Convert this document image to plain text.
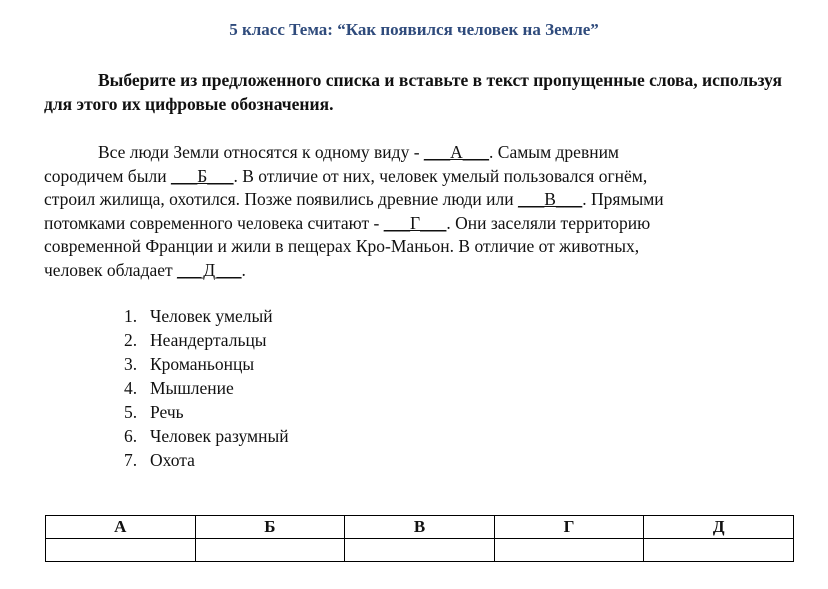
5 класс Тема: “Как появился человек на Земле”
Выберите из предложенного списка и вставьте в текст пропущенные слова, используя для этого их цифровые обозначения.
Все люди Земли относятся к одному виду - ___А___. Самым древним
сородичем были ___Б___. В отличие от них, человек умелый пользовался огнём,
строил жилища, охотился. Позже появились древние люди или ___В___. Прямыми
потомками современного человека считают - ___Г___. Они заселяли территорию
современной Франции и жили в пещерах Кро-Маньон. В отличие от животных,
человек обладает ___Д___.
1. Человек умелый
2. Неандертальцы
3. Кроманьонцы
4. Мышление
5. Речь
6. Человек разумный
7. Охота
А	Б	В	Г	Д
